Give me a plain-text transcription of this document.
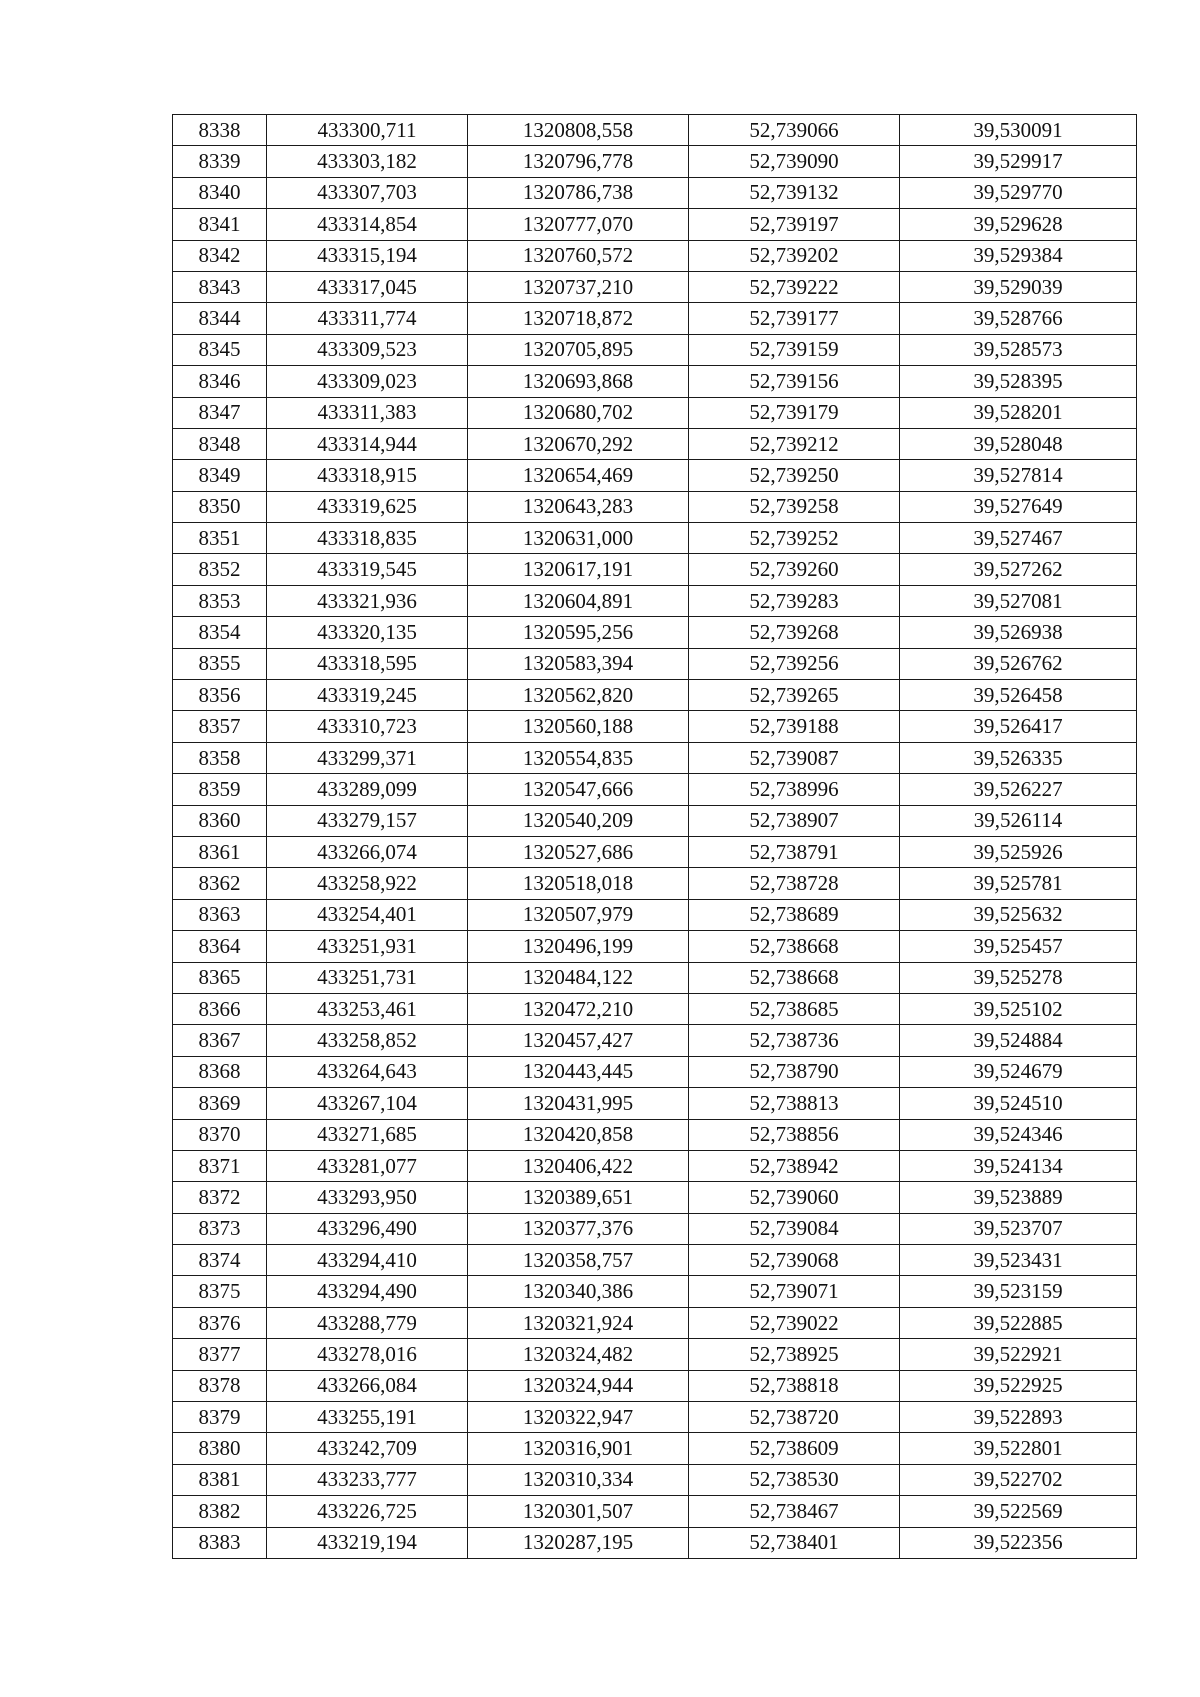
8338	433300,711	1320808,558	52,739066	39,530091
8339	433303,182	1320796,778	52,739090	39,529917
8340	433307,703	1320786,738	52,739132	39,529770
8341	433314,854	1320777,070	52,739197	39,529628
8342	433315,194	1320760,572	52,739202	39,529384
8343	433317,045	1320737,210	52,739222	39,529039
8344	433311,774	1320718,872	52,739177	39,528766
8345	433309,523	1320705,895	52,739159	39,528573
8346	433309,023	1320693,868	52,739156	39,528395
8347	433311,383	1320680,702	52,739179	39,528201
8348	433314,944	1320670,292	52,739212	39,528048
8349	433318,915	1320654,469	52,739250	39,527814
8350	433319,625	1320643,283	52,739258	39,527649
8351	433318,835	1320631,000	52,739252	39,527467
8352	433319,545	1320617,191	52,739260	39,527262
8353	433321,936	1320604,891	52,739283	39,527081
8354	433320,135	1320595,256	52,739268	39,526938
8355	433318,595	1320583,394	52,739256	39,526762
8356	433319,245	1320562,820	52,739265	39,526458
8357	433310,723	1320560,188	52,739188	39,526417
8358	433299,371	1320554,835	52,739087	39,526335
8359	433289,099	1320547,666	52,738996	39,526227
8360	433279,157	1320540,209	52,738907	39,526114
8361	433266,074	1320527,686	52,738791	39,525926
8362	433258,922	1320518,018	52,738728	39,525781
8363	433254,401	1320507,979	52,738689	39,525632
8364	433251,931	1320496,199	52,738668	39,525457
8365	433251,731	1320484,122	52,738668	39,525278
8366	433253,461	1320472,210	52,738685	39,525102
8367	433258,852	1320457,427	52,738736	39,524884
8368	433264,643	1320443,445	52,738790	39,524679
8369	433267,104	1320431,995	52,738813	39,524510
8370	433271,685	1320420,858	52,738856	39,524346
8371	433281,077	1320406,422	52,738942	39,524134
8372	433293,950	1320389,651	52,739060	39,523889
8373	433296,490	1320377,376	52,739084	39,523707
8374	433294,410	1320358,757	52,739068	39,523431
8375	433294,490	1320340,386	52,739071	39,523159
8376	433288,779	1320321,924	52,739022	39,522885
8377	433278,016	1320324,482	52,738925	39,522921
8378	433266,084	1320324,944	52,738818	39,522925
8379	433255,191	1320322,947	52,738720	39,522893
8380	433242,709	1320316,901	52,738609	39,522801
8381	433233,777	1320310,334	52,738530	39,522702
8382	433226,725	1320301,507	52,738467	39,522569
8383	433219,194	1320287,195	52,738401	39,522356
